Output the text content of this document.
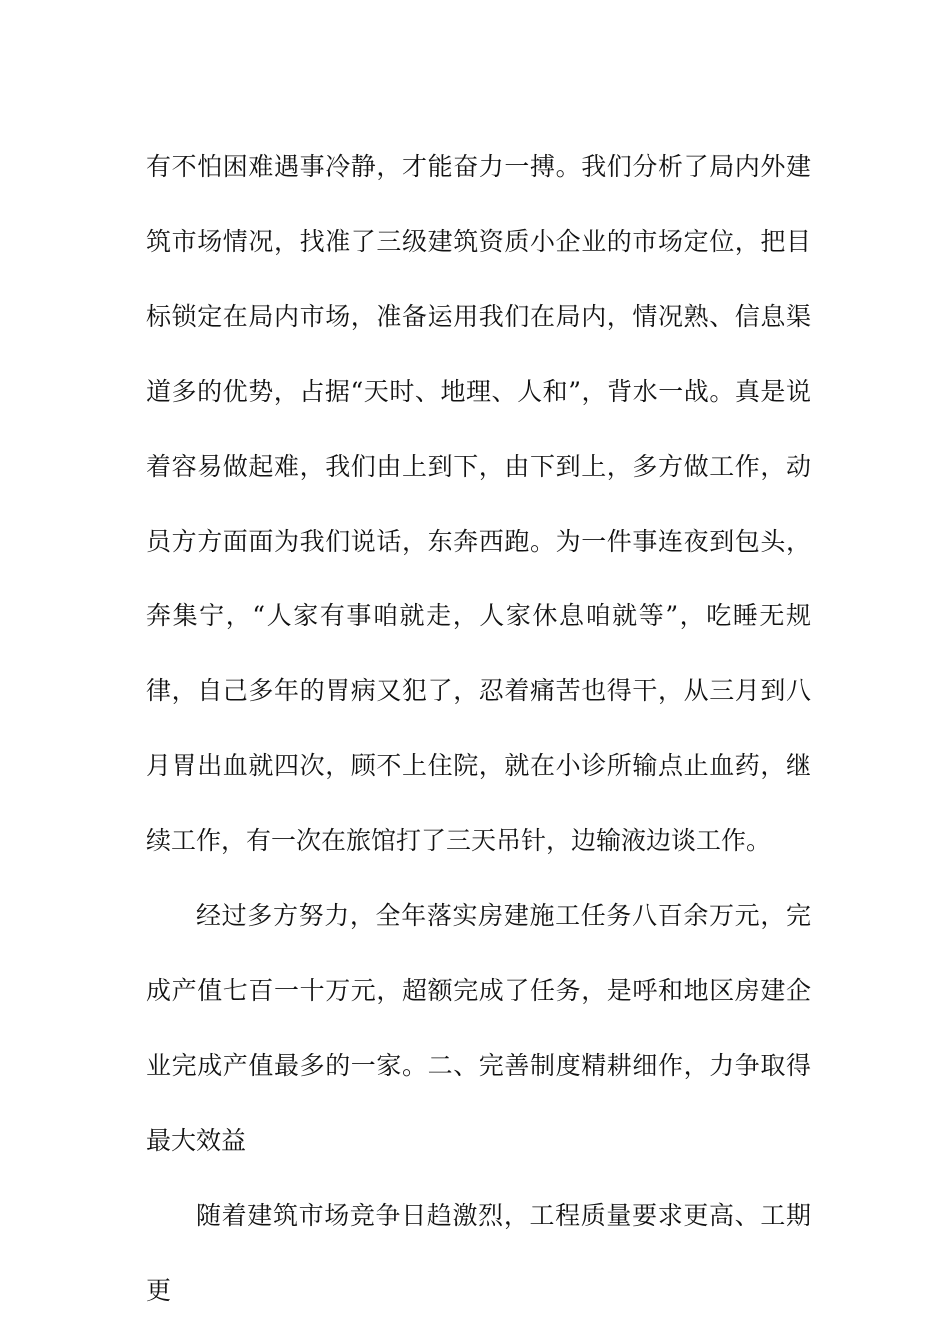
有不怕困难遇事冷静，才能奋力一搏。我们分析了局内外建筑市场情况，找准了三级建筑资质小企业的市场定位，把目标锁定在局内市场，准备运用我们在局内，情况熟、信息渠道多的优势，占据“天时、地理、人和”，背水一战。真是说着容易做起难，我们由上到下，由下到上，多方做工作，动员方方面面为我们说话，东奔西跑。为一件事连夜到包头，奔集宁，“人家有事咱就走，人家休息咱就等”，吃睡无规律，自己多年的胃病又犯了，忍着痛苦也得干，从三月到八月胃出血就四次，顾不上住院，就在小诊所输点止血药，继续工作，有一次在旅馆打了三天吊针，边输液边谈工作。

经过多方努力，全年落实房建施工任务八百余万元，完成产值七百一十万元，超额完成了任务，是呼和地区房建企业完成产值最多的一家。二、完善制度精耕细作，力争取得最大效益

随着建筑市场竞争日趋激烈，工程质量要求更高、工期更
